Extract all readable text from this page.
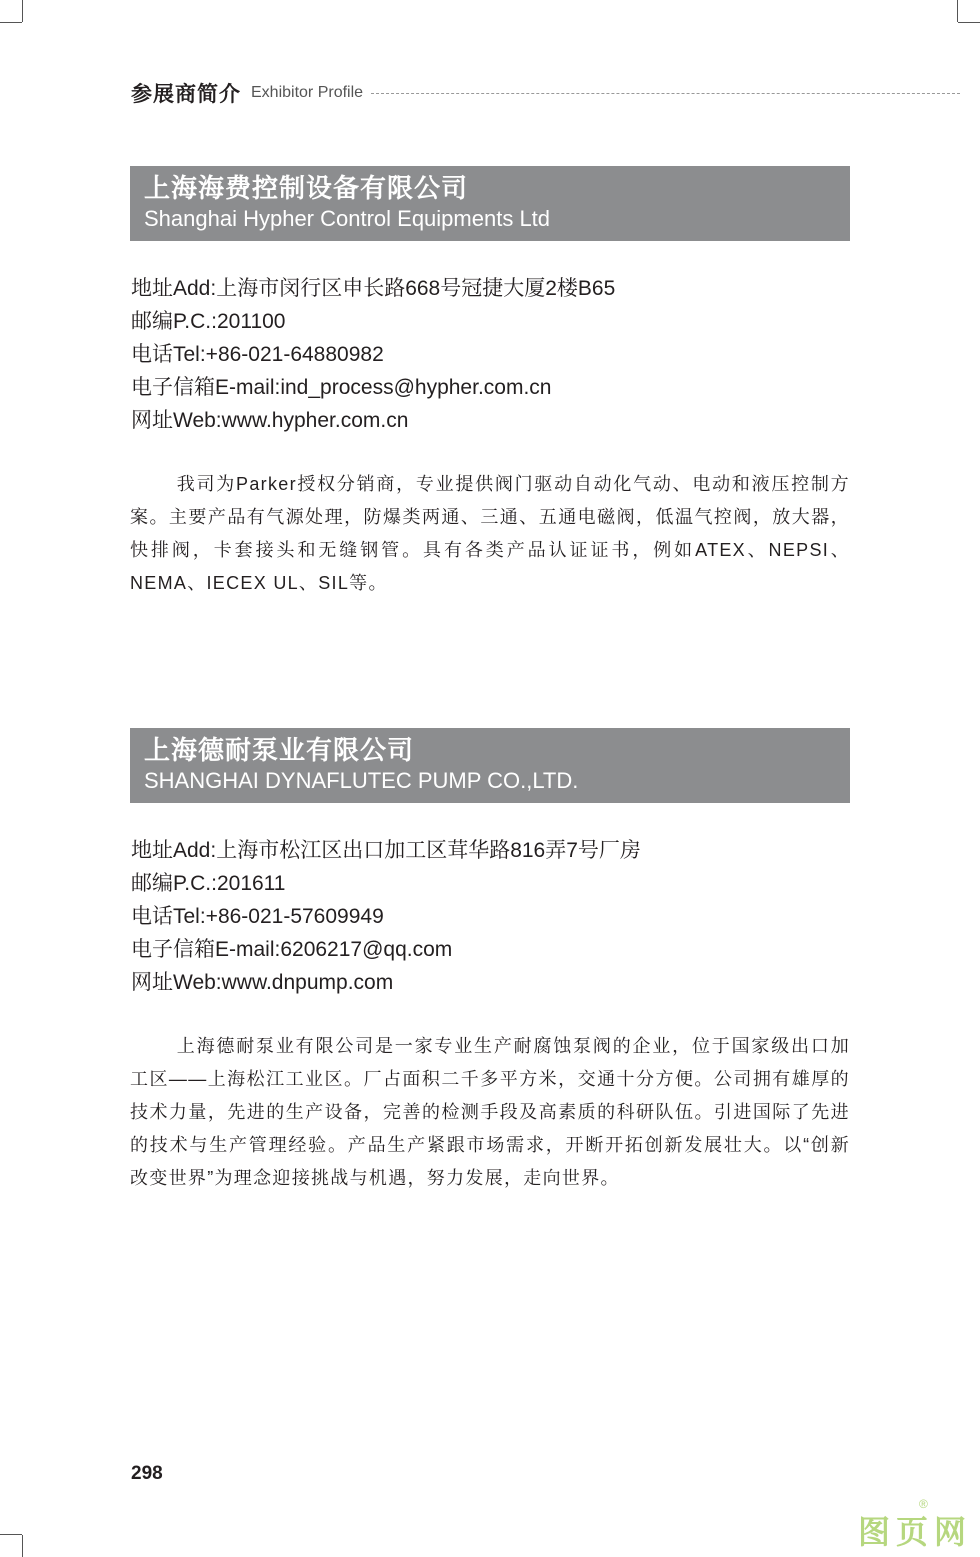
参展商简介 Exhibitor Profile
上海海费控制设备有限公司
Shanghai Hypher Control Equipments Ltd
地址Add:上海市闵行区申长路668号冠捷大厦2楼B65
邮编P.C.:201100
电话Tel:+86-021-64880982
电子信箱E-mail:ind_process@hypher.com.cn
网址Web:www.hypher.com.cn
我司为Parker授权分销商，专业提供阀门驱动自动化气动、电动和液压控制方案。主要产品有气源处理，防爆类两通、三通、五通电磁阀，低温气控阀，放大器，快排阀，卡套接头和无缝钢管。具有各类产品认证证书，例如ATEX、NEPSI、NEMA、IECEX UL、SIL等。
上海德耐泵业有限公司
SHANGHAI DYNAFLUTEC PUMP CO.,LTD.
地址Add:上海市松江区出口加工区茸华路816弄7号厂房
邮编P.C.:201611
电话Tel:+86-021-57609949
电子信箱E-mail:6206217@qq.com
网址Web:www.dnpump.com
上海德耐泵业有限公司是一家专业生产耐腐蚀泵阀的企业，位于国家级出口加工区——上海松江工业区。厂占面积二千多平方米，交通十分方便。公司拥有雄厚的技术力量，先进的生产设备，完善的检测手段及高素质的科研队伍。引进国际了先进的技术与生产管理经验。产品生产紧跟市场需求，开断开拓创新发展壮大。以“创新改变世界”为理念迎接挑战与机遇，努力发展，走向世界。
298
图页网
®
